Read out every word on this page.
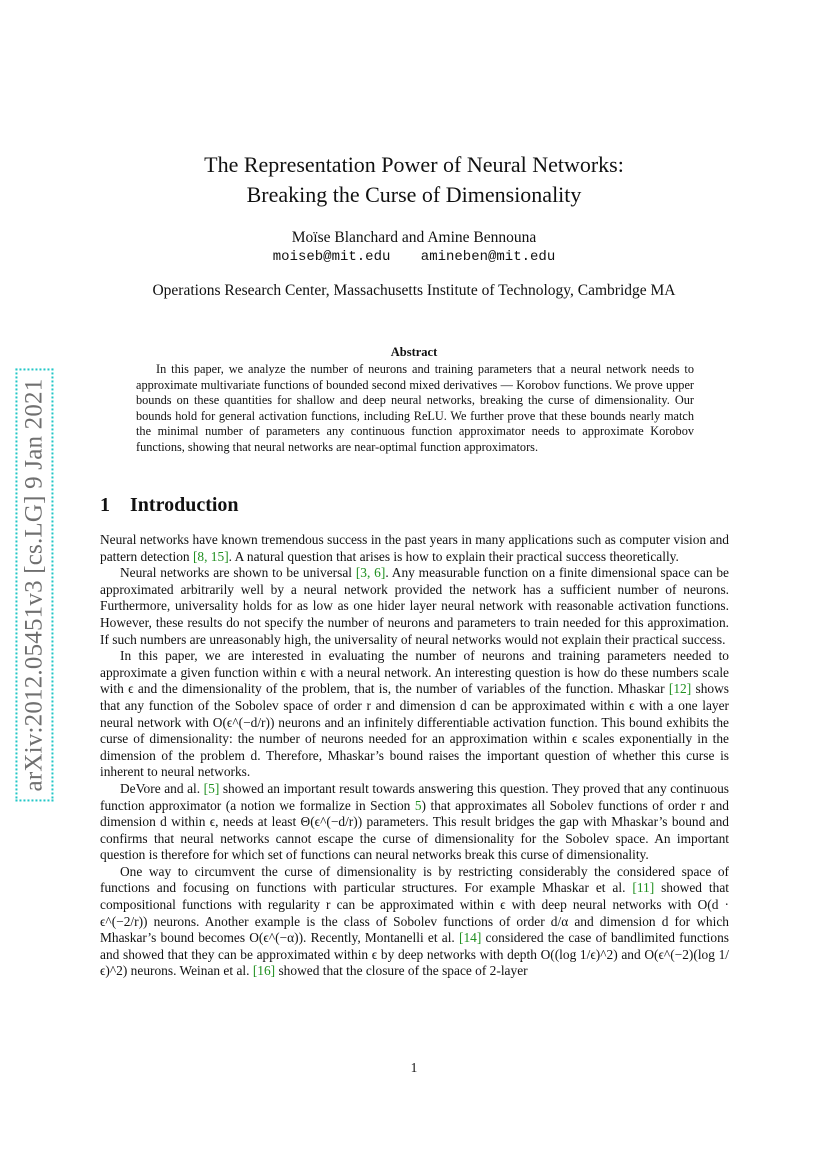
arXiv:2012.05451v3 [cs.LG] 9 Jan 2021
The Representation Power of Neural Networks:
Breaking the Curse of Dimensionality
Moïse Blanchard and Amine Bennouna
moiseb@mit.edu amineben@mit.edu
Operations Research Center, Massachusetts Institute of Technology, Cambridge MA
Abstract

In this paper, we analyze the number of neurons and training parameters that a neural network needs to approximate multivariate functions of bounded second mixed derivatives — Korobov functions. We prove upper bounds on these quantities for shallow and deep neural networks, breaking the curse of dimensionality. Our bounds hold for general activation functions, including ReLU. We further prove that these bounds nearly match the minimal number of parameters any continuous function approximator needs to approximate Korobov functions, showing that neural networks are near-optimal function approximators.

1 Introduction

Neural networks have known tremendous success in the past years in many applications such as computer vision and pattern detection [8, 15]. A natural question that arises is how to explain their practical success theoretically.

Neural networks are shown to be universal [3, 6]. Any measurable function on a finite dimensional space can be approximated arbitrarily well by a neural network provided the network has a sufficient number of neurons. Furthermore, universality holds for as low as one hider layer neural network with reasonable activation functions. However, these results do not specify the number of neurons and parameters to train needed for this approximation. If such numbers are unreasonably high, the universality of neural networks would not explain their practical success.

In this paper, we are interested in evaluating the number of neurons and training parameters needed to approximate a given function within ϵ with a neural network. An interesting question is how do these numbers scale with ϵ and the dimensionality of the problem, that is, the number of variables of the function. Mhaskar [12] shows that any function of the Sobolev space of order r and dimension d can be approximated within ϵ with a one layer neural network with O(ϵ^(−d/r)) neurons and an infinitely differentiable activation function. This bound exhibits the curse of dimensionality: the number of neurons needed for an approximation within ϵ scales exponentially in the dimension of the problem d. Therefore, Mhaskar’s bound raises the important question of whether this curse is inherent to neural networks.

DeVore and al. [5] showed an important result towards answering this question. They proved that any continuous function approximator (a notion we formalize in Section 5) that approximates all Sobolev functions of order r and dimension d within ϵ, needs at least Θ(ϵ^(−d/r)) parameters. This result bridges the gap with Mhaskar’s bound and confirms that neural networks cannot escape the curse of dimensionality for the Sobolev space. An important question is therefore for which set of functions can neural networks break this curse of dimensionality.

One way to circumvent the curse of dimensionality is by restricting considerably the considered space of functions and focusing on functions with particular structures. For example Mhaskar et al. [11] showed that compositional functions with regularity r can be approximated within ϵ with deep neural networks with O(d · ϵ^(−2/r)) neurons. Another example is the class of Sobolev functions of order d/α and dimension d for which Mhaskar’s bound becomes O(ϵ^(−α)). Recently, Montanelli et al. [14] considered the case of bandlimited functions and showed that they can be approximated within ϵ by deep networks with depth O((log 1/ϵ)^2) and O(ϵ^(−2)(log 1/ϵ)^2) neurons. Weinan et al. [16] showed that the closure of the space of 2-layer

1
